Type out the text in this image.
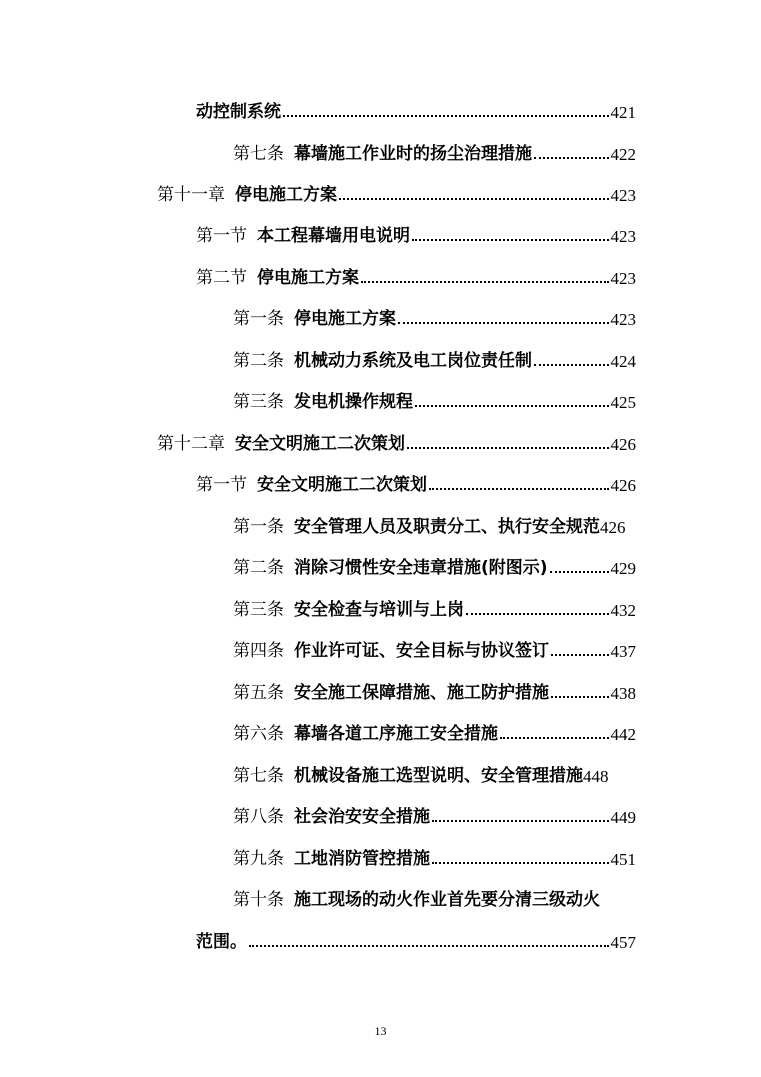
动控制系统	421
第七条 幕墙施工作业时的扬尘治理措施	422
第十一章 停电施工方案	423
第一节 本工程幕墙用电说明	423
第二节 停电施工方案	423
第一条 停电施工方案	423
第二条 机械动力系统及电工岗位责任制	424
第三条 发电机操作规程	425
第十二章 安全文明施工二次策划	426
第一节 安全文明施工二次策划	426
第一条 安全管理人员及职责分工、执行安全规范 426
第二条 消除习惯性安全违章措施(附图示)	429
第三条 安全检查与培训与上岗	432
第四条 作业许可证、安全目标与协议签订	437
第五条 安全施工保障措施、施工防护措施	438
第六条 幕墙各道工序施工安全措施	442
第七条 机械设备施工选型说明、安全管理措施 448
第八条 社会治安安全措施	449
第九条 工地消防管控措施	451
第十条 施工现场的动火作业首先要分清三级动火
范围。	457
13
